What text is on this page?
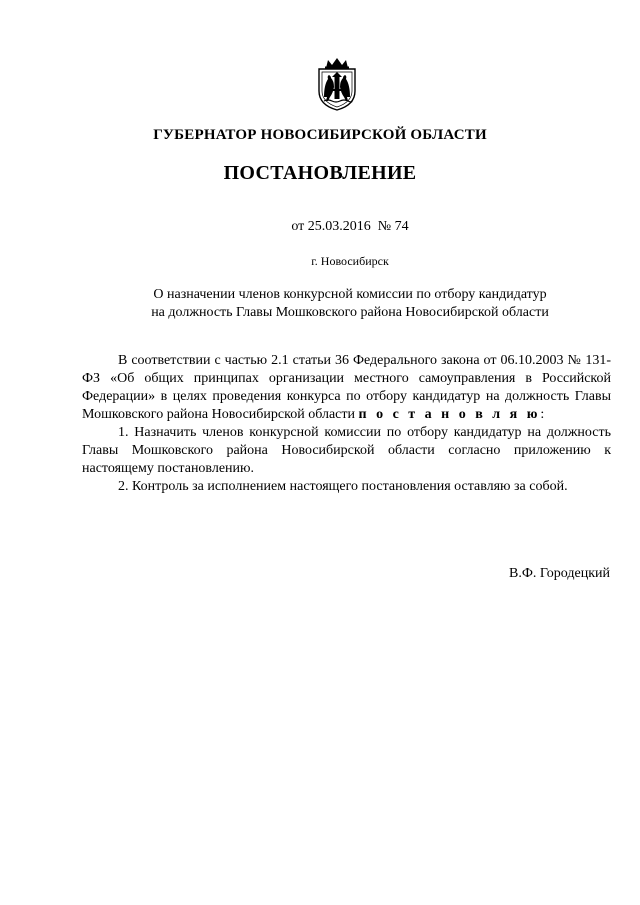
ГУБЕРНАТОР НОВОСИБИРСКОЙ ОБЛАСТИ
ПОСТАНОВЛЕНИЕ
от 25.03.2016 № 74
г. Новосибирск
О назначении членов конкурсной комиссии по отбору кандидатур
на должность Главы Мошковского района Новосибирской области

В соответствии с частью 2.1 статьи 36 Федерального закона от 06.10.2003 № 131-ФЗ «Об общих принципах организации местного самоуправления в Российской Федерации» в целях проведения конкурса по отбору кандидатур на должность Главы Мошковского района Новосибирской области п о с т а н о в л я ю:

1. Назначить членов конкурсной комиссии по отбору кандидатур на должность Главы Мошковского района Новосибирской области согласно приложению к настоящему постановлению.

2. Контроль за исполнением настоящего постановления оставляю за собой.

В.Ф. Городецкий
